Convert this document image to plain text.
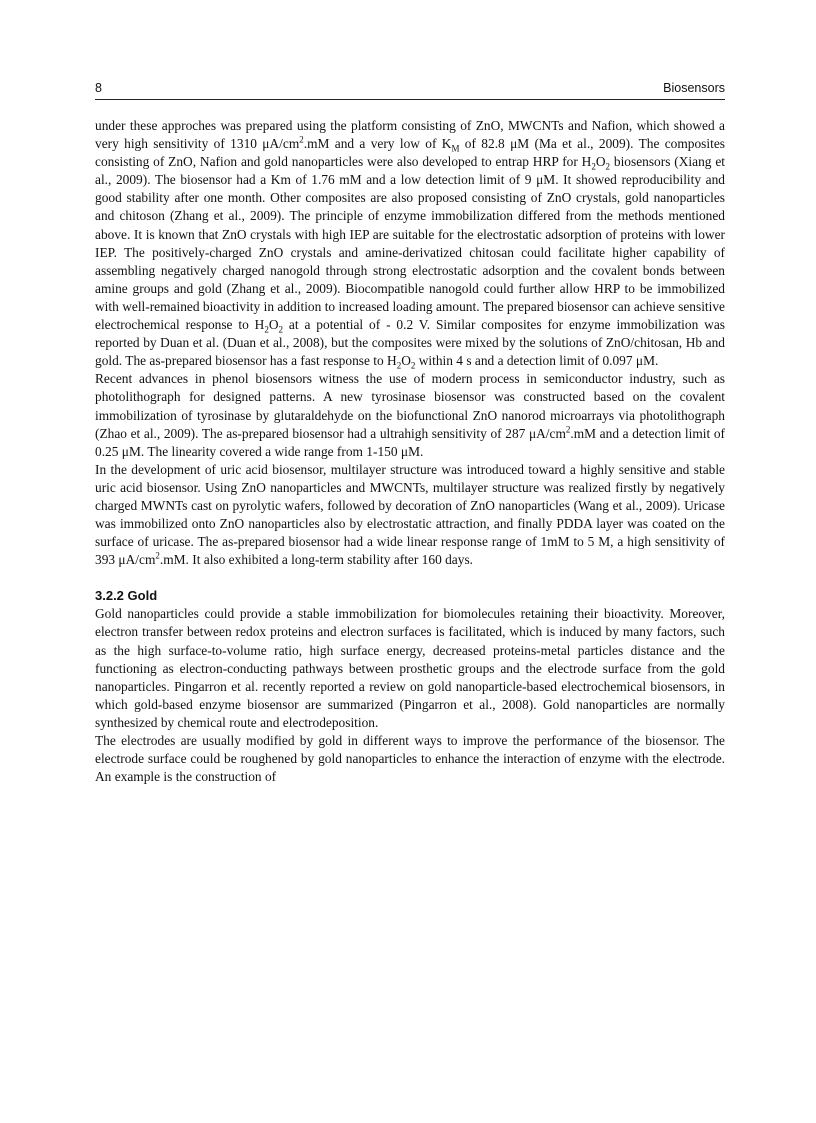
8	Biosensors

under these approches was prepared using the platform consisting of ZnO, MWCNTs and Nafion, which showed a very high sensitivity of 1310 $\mu A/cm^2.mM$ and a very low of $K_M$ of 82.8 μM (Ma et al., 2009). The composites consisting of ZnO, Nafion and gold nanoparticles were also developed to entrap HRP for $H_2O_2$ biosensors (Xiang et al., 2009). The biosensor had a Km of 1.76 mM and a low detection limit of 9 μM. It showed reproducibility and good stability after one month. Other composites are also proposed consisting of ZnO crystals, gold nanoparticles and chitoson (Zhang et al., 2009). The principle of enzyme immobilization differed from the methods mentioned above. It is known that ZnO crystals with high IEP are suitable for the electrostatic adsorption of proteins with lower IEP. The positively-charged ZnO crystals and amine-derivatized chitosan could facilitate higher capability of assembling negatively charged nanogold through strong electrostatic adsorption and the covalent bonds between amine groups and gold (Zhang et al., 2009). Biocompatible nanogold could further allow HRP to be immobilized with well-remained bioactivity in addition to increased loading amount. The prepared biosensor can achieve sensitive electrochemical response to $H_2O_2$ at a potential of - 0.2 V. Similar composites for enzyme immobilization was reported by Duan et al. (Duan et al., 2008), but the composites were mixed by the solutions of ZnO/chitosan, Hb and gold. The as-prepared biosensor has a fast response to $H_2O_2$ within 4 s and a detection limit of 0.097 μM.

Recent advances in phenol biosensors witness the use of modern process in semiconductor industry, such as photolithograph for designed patterns. A new tyrosinase biosensor was constructed based on the covalent immobilization of tyrosinase by glutaraldehyde on the biofunctional ZnO nanorod microarrays via photolithograph (Zhao et al., 2009). The as-prepared biosensor had a ultrahigh sensitivity of 287 $\mu A/cm^2.mM$ and a detection limit of 0.25 μM. The linearity covered a wide range from 1-150 μM.

In the development of uric acid biosensor, multilayer structure was introduced toward a highly sensitive and stable uric acid biosensor. Using ZnO nanoparticles and MWCNTs, multilayer structure was realized firstly by negatively charged MWNTs cast on pyrolytic wafers, followed by decoration of ZnO nanoparticles (Wang et al., 2009). Uricase was immobilized onto ZnO nanoparticles also by electrostatic attraction, and finally PDDA layer was coated on the surface of uricase. The as-prepared biosensor had a wide linear response range of 1mM to 5 M, a high sensitivity of 393 $\mu A/cm^2.mM$. It also exhibited a long-term stability after 160 days.

3.2.2 Gold

Gold nanoparticles could provide a stable immobilization for biomolecules retaining their bioactivity. Moreover, electron transfer between redox proteins and electron surfaces is facilitated, which is induced by many factors, such as the high surface-to-volume ratio, high surface energy, decreased proteins-metal particles distance and the functioning as electron-conducting pathways between prosthetic groups and the electrode surface from the gold nanoparticles. Pingarron et al. recently reported a review on gold nanoparticle-based electrochemical biosensors, in which gold-based enzyme biosensor are summarized (Pingarron et al., 2008). Gold nanoparticles are normally synthesized by chemical route and electrodeposition.

The electrodes are usually modified by gold in different ways to improve the performance of the biosensor. The electrode surface could be roughened by gold nanoparticles to enhance the interaction of enzyme with the electrode. An example is the construction of
